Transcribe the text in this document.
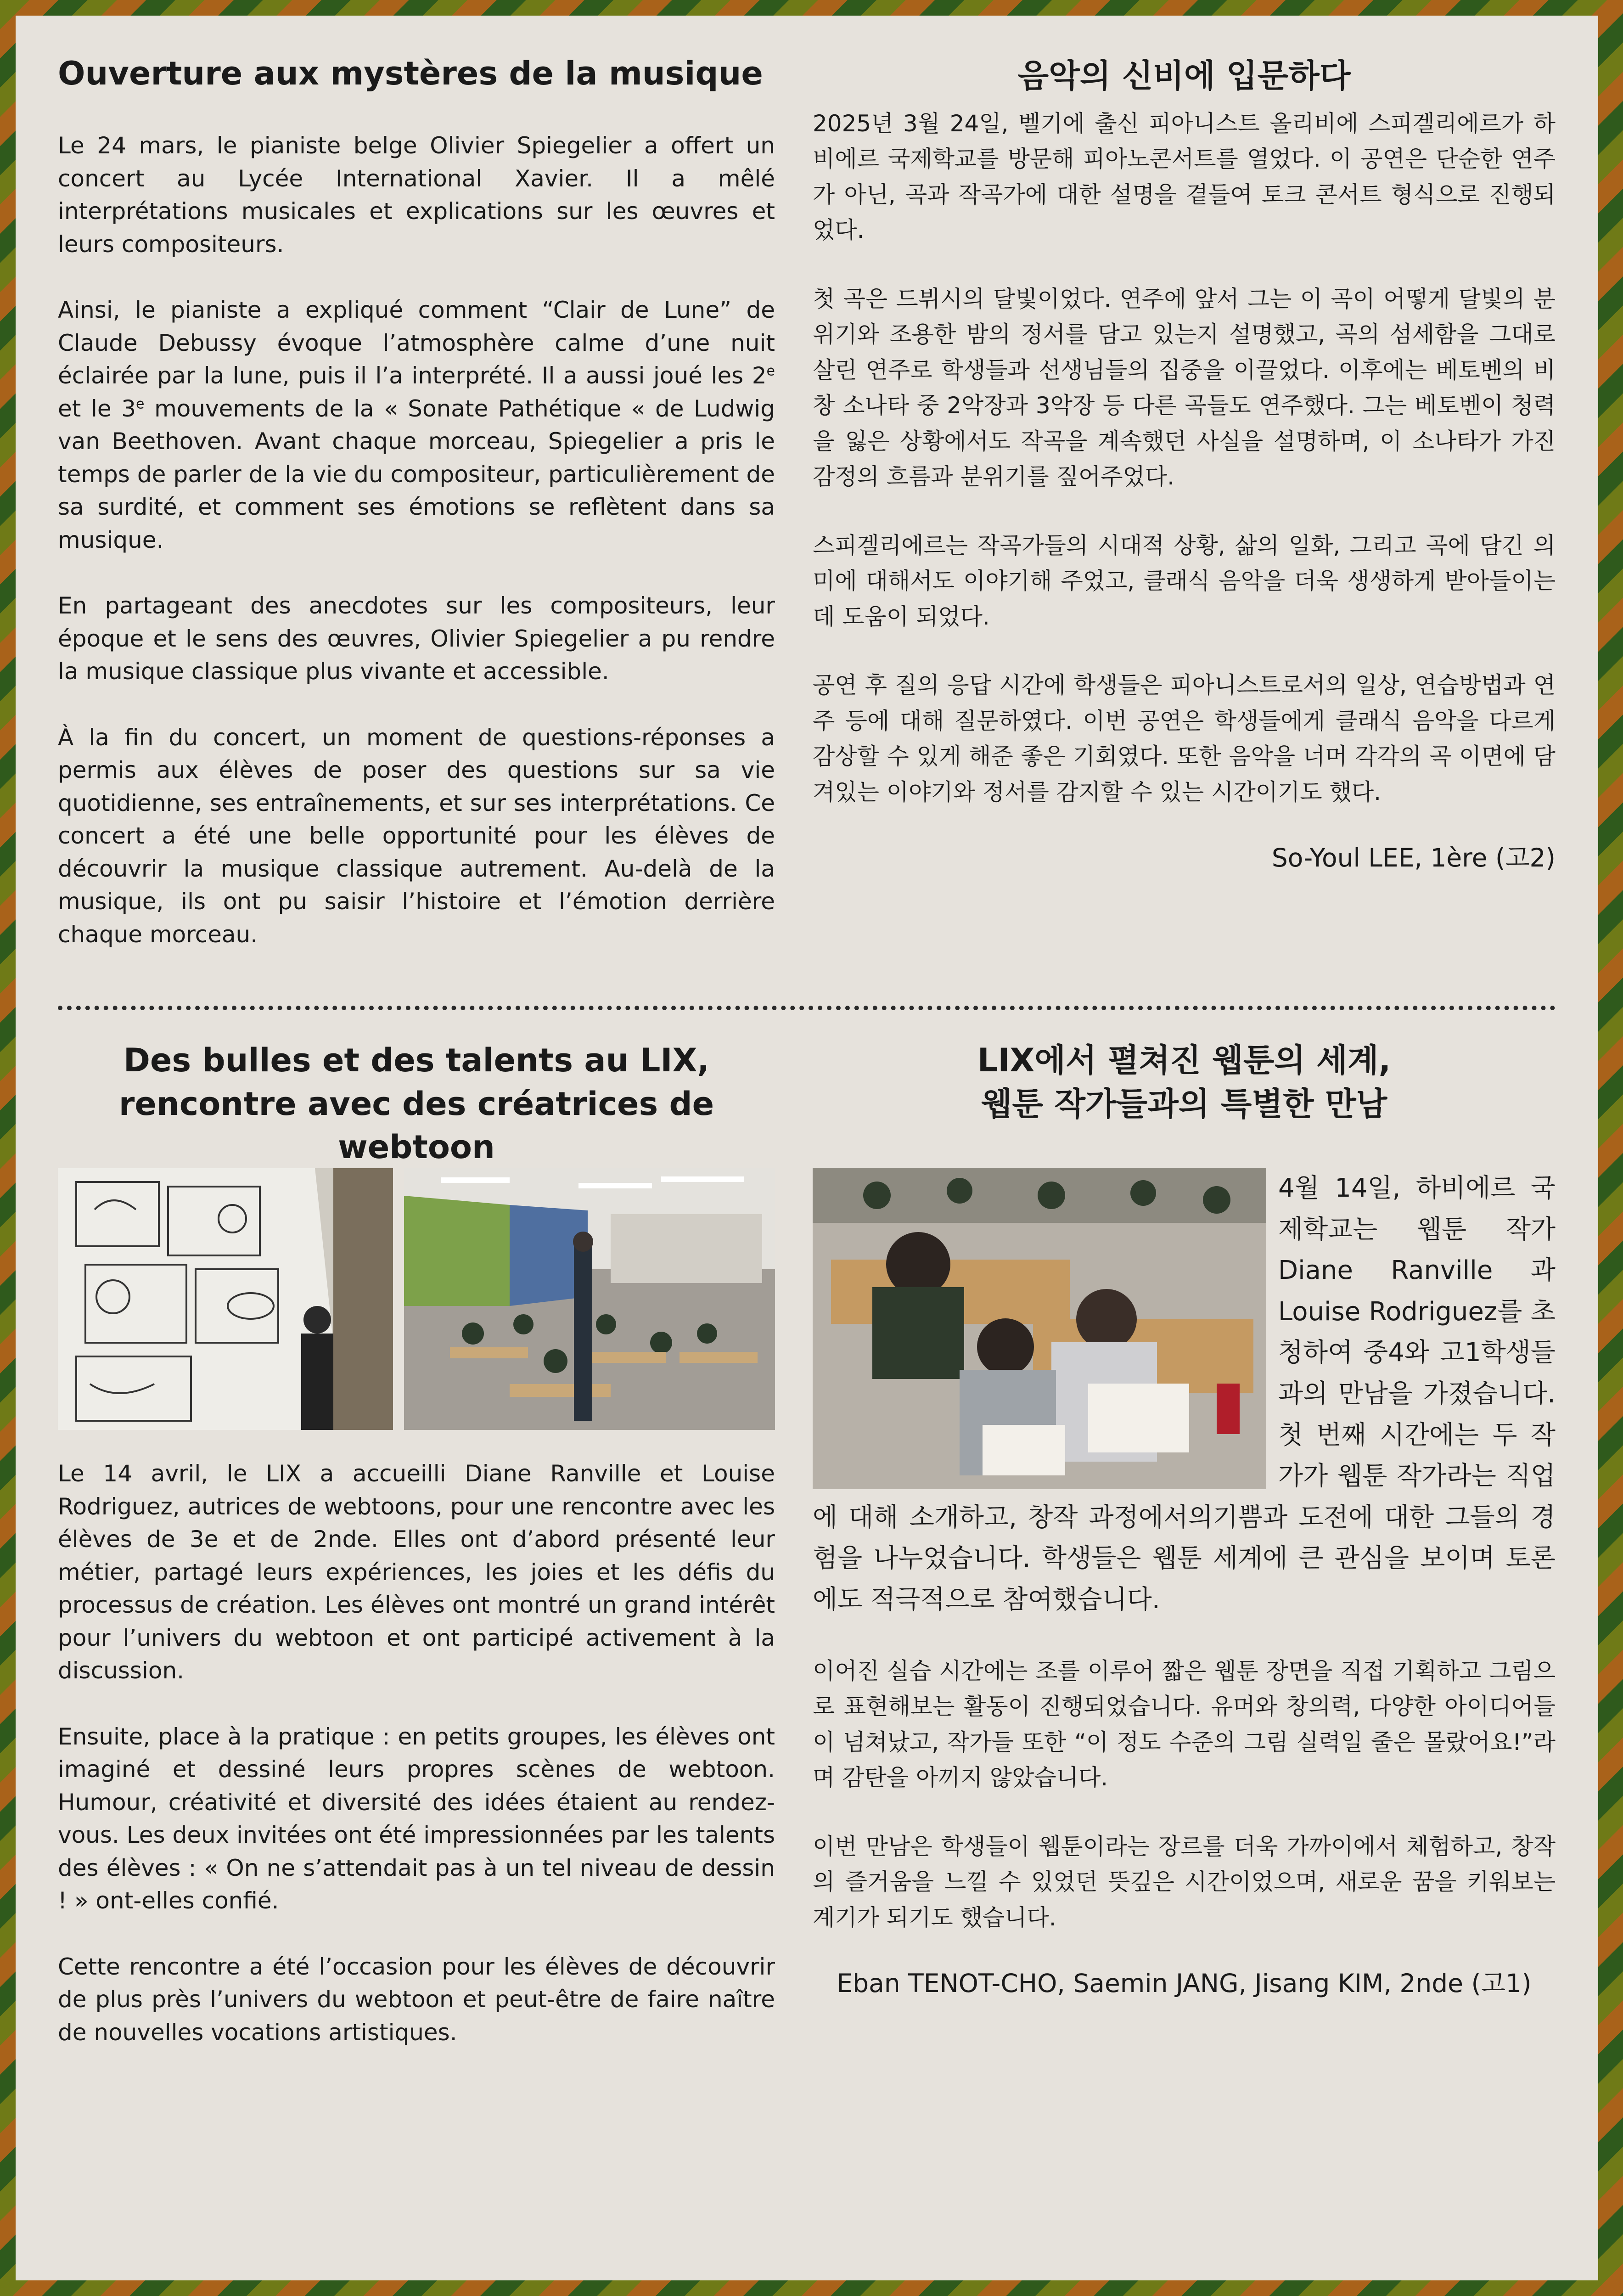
Ouverture aux mystères de la musique

Le 24 mars, le pianiste belge Olivier Spiegelier a offert un concert au Lycée International Xavier. Il a mêlé interprétations musicales et explications sur les œuvres et leurs compositeurs.

Ainsi, le pianiste a expliqué comment “Clair de Lune” de Claude Debussy évoque l’atmosphère calme d’une nuit éclairée par la lune, puis il l’a interprété. Il a aussi joué les 2e et le 3e mouvements de la « Sonate Pathétique « de Ludwig van Beethoven. Avant chaque morceau, Spiegelier a pris le temps de parler de la vie du compositeur, particulièrement de sa surdité, et comment ses émotions se reflètent dans sa musique.

En partageant des anecdotes sur les compositeurs, leur époque et le sens des œuvres, Olivier Spiegelier a pu rendre la musique classique plus vivante et accessible.

À la fin du concert, un moment de questions-réponses a permis aux élèves de poser des questions sur sa vie quotidienne, ses entraînements, et sur ses interprétations. Ce concert a été une belle opportunité pour les élèves de découvrir la musique classique autrement. Au-delà de la musique, ils ont pu saisir l’histoire et l’émotion derrière chaque morceau.

음악의 신비에 입문하다

2025년 3월 24일, 벨기에 출신 피아니스트 올리비에 스피겔리에르가 하비에르 국제학교를 방문해 피아노콘서트를 열었다. 이 공연은 단순한 연주가 아닌, 곡과 작곡가에 대한 설명을 곁들여 토크 콘서트 형식으로 진행되었다.

첫 곡은 드뷔시의 달빛이었다. 연주에 앞서 그는 이 곡이 어떻게 달빛의 분위기와 조용한 밤의 정서를 담고 있는지 설명했고, 곡의 섬세함을 그대로 살린 연주로 학생들과 선생님들의 집중을 이끌었다. 이후에는 베토벤의 비창 소나타 중 2악장과 3악장 등 다른 곡들도 연주했다. 그는 베토벤이 청력을 잃은 상황에서도 작곡을 계속했던 사실을 설명하며, 이 소나타가 가진 감정의 흐름과 분위기를 짚어주었다.

스피겔리에르는 작곡가들의 시대적 상황, 삶의 일화, 그리고 곡에 담긴 의미에 대해서도 이야기해 주었고, 클래식 음악을 더욱 생생하게 받아들이는 데 도움이 되었다.

공연 후 질의 응답 시간에 학생들은 피아니스트로서의 일상, 연습방법과 연주 등에 대해 질문하였다. 이번 공연은 학생들에게 클래식 음악을 다르게 감상할 수 있게 해준 좋은 기회였다. 또한 음악을 너머 각각의 곡 이면에 담겨있는 이야기와 정서를 감지할 수 있는 시간이기도 했다.

So-Youl LEE, 1ère (고2)
Des bulles et des talents au LIX,
rencontre avec des créatrices de webtoon

Le 14 avril, le LIX a accueilli Diane Ranville et Louise Rodriguez, autrices de webtoons, pour une rencontre avec les élèves de 3e et de 2nde. Elles ont d’abord présenté leur métier, partagé leurs expériences, les joies et les défis du processus de création. Les élèves ont montré un grand intérêt pour l’univers du webtoon et ont participé activement à la discussion.

Ensuite, place à la pratique : en petits groupes, les élèves ont imaginé et dessiné leurs propres scènes de webtoon. Humour, créativité et diversité des idées étaient au rendez-vous. Les deux invitées ont été impressionnées par les talents des élèves : « On ne s’attendait pas à un tel niveau de dessin ! » ont-elles confié.

Cette rencontre a été l’occasion pour les élèves de découvrir de plus près l’univers du webtoon et peut-être de faire naître de nouvelles vocations artistiques.

LIX에서 펼쳐진 웹툰의 세계,
웹툰 작가들과의 특별한 만남

4월 14일, 하비에르 국제학교는 웹툰 작가 Diane Ranville 과 Louise Rodriguez를 초청하여 중4와 고1학생들과의 만남을 가졌습니다. 첫 번째 시간에는 두 작가가 웹툰 작가라는 직업에 대해 소개하고, 창작 과정에서의기쁨과 도전에 대한 그들의 경험을 나누었습니다. 학생들은 웹툰 세계에 큰 관심을 보이며 토론에도 적극적으로 참여했습니다.

이어진 실습 시간에는 조를 이루어 짧은 웹툰 장면을 직접 기획하고 그림으로 표현해보는 활동이 진행되었습니다. 유머와 창의력, 다양한 아이디어들이 넘쳐났고, 작가들 또한 “이 정도 수준의 그림 실력일 줄은 몰랐어요!”라며 감탄을 아끼지 않았습니다.

이번 만남은 학생들이 웹툰이라는 장르를 더욱 가까이에서 체험하고, 창작의 즐거움을 느낄 수 있었던 뜻깊은 시간이었으며, 새로운 꿈을 키워보는 계기가 되기도 했습니다.

Eban TENOT-CHO, Saemin JANG, Jisang KIM, 2nde (고1)
